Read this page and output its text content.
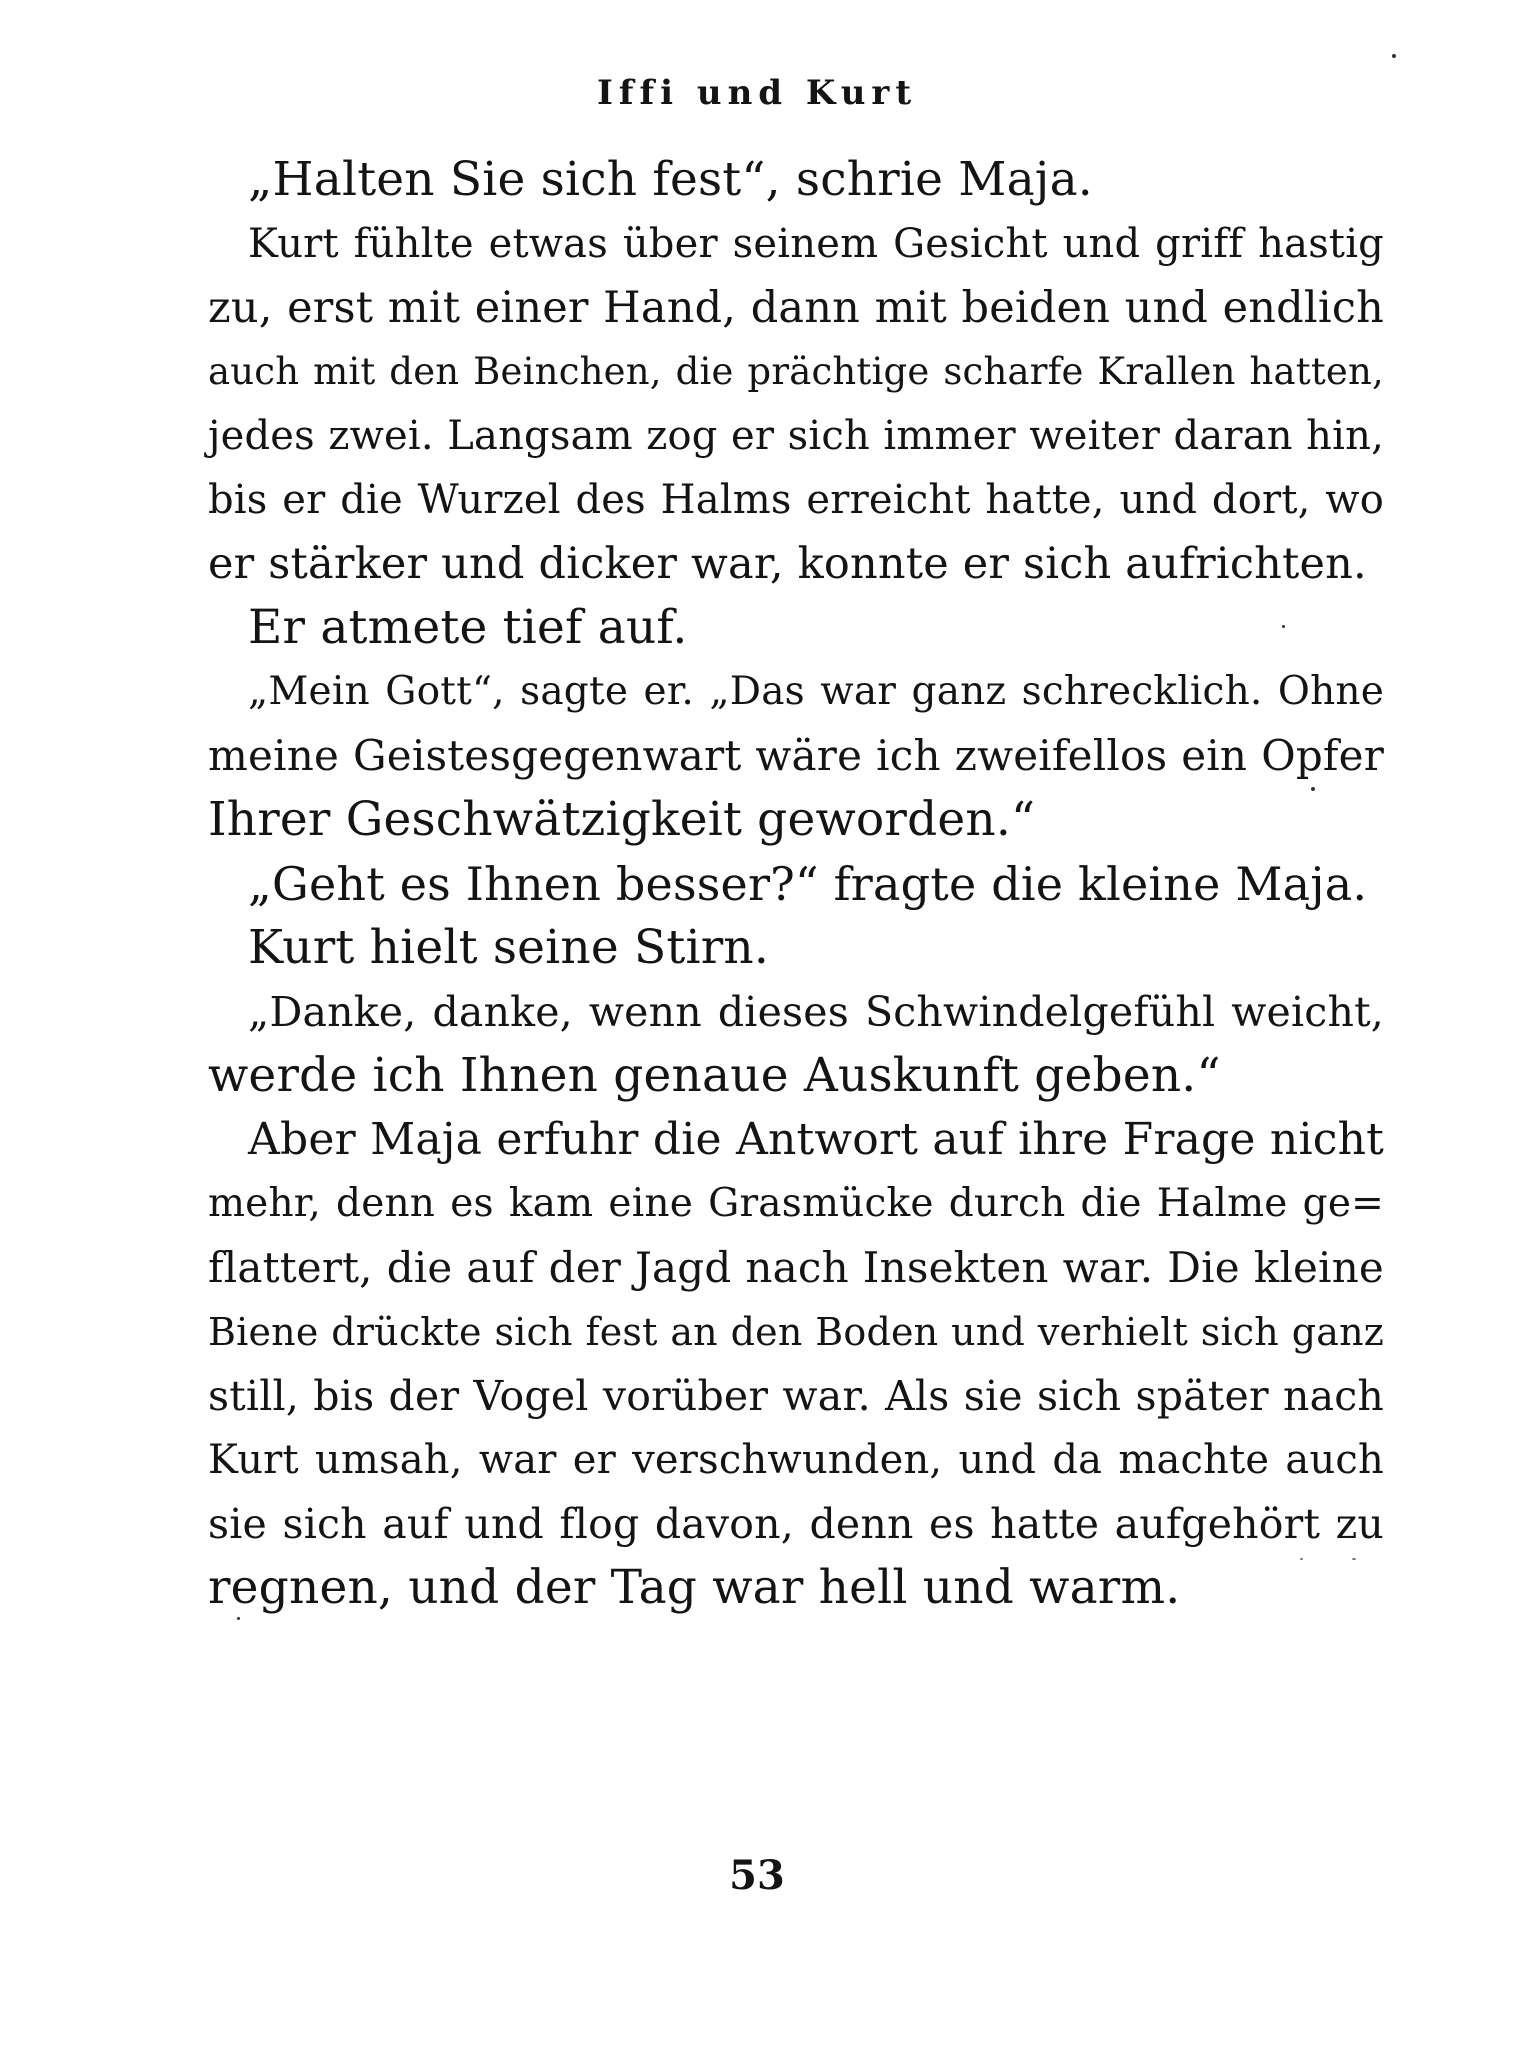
Iffi und Kurt
„Halten Sie sich fest“, schrie Maja.
Kurt fühlte etwas über seinem Gesicht und griff hastig
zu, erst mit einer Hand, dann mit beiden und endlich
auch mit den Beinchen, die prächtige scharfe Krallen hatten,
jedes zwei. Langsam zog er sich immer weiter daran hin,
bis er die Wurzel des Halms erreicht hatte, und dort, wo
er stärker und dicker war, konnte er sich aufrichten.
Er atmete tief auf.
„Mein Gott“, sagte er. „Das war ganz schrecklich. Ohne
meine Geistesgegenwart wäre ich zweifellos ein Opfer
Ihrer Geschwätzigkeit geworden.“
„Geht es Ihnen besser?“ fragte die kleine Maja.
Kurt hielt seine Stirn.
„Danke, danke, wenn dieses Schwindelgefühl weicht,
werde ich Ihnen genaue Auskunft geben.“
Aber Maja erfuhr die Antwort auf ihre Frage nicht
mehr, denn es kam eine Grasmücke durch die Halme ge=
flattert, die auf der Jagd nach Insekten war. Die kleine
Biene drückte sich fest an den Boden und verhielt sich ganz
still, bis der Vogel vorüber war. Als sie sich später nach
Kurt umsah, war er verschwunden, und da machte auch
sie sich auf und flog davon, denn es hatte aufgehört zu
regnen, und der Tag war hell und warm.
53
